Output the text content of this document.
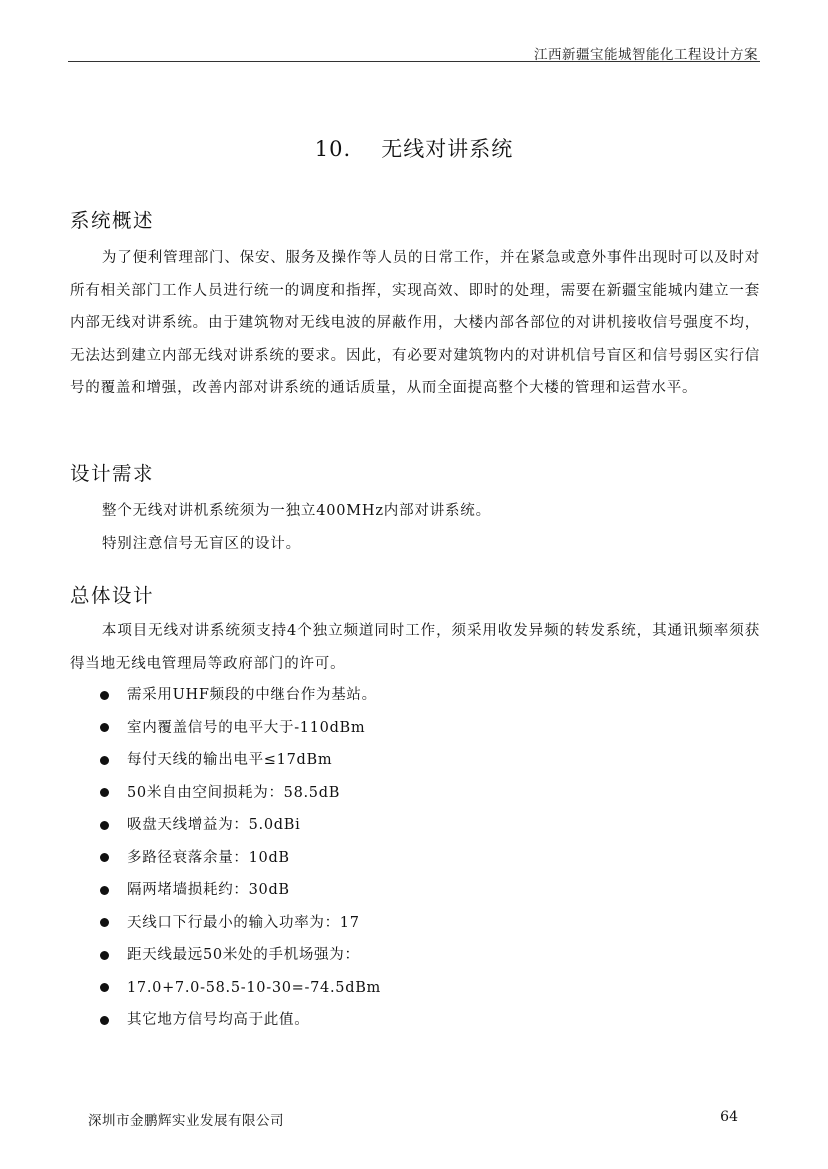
江西新疆宝能城智能化工程设计方案
10. 无线对讲系统
系统概述
为了便利管理部门、保安、服务及操作等人员的日常工作，并在紧急或意外事件出现时可以及时对所有相关部门工作人员进行统一的调度和指挥，实现高效、即时的处理，需要在新疆宝能城内建立一套内部无线对讲系统。由于建筑物对无线电波的屏蔽作用，大楼内部各部位的对讲机接收信号强度不均，无法达到建立内部无线对讲系统的要求。因此，有必要对建筑物内的对讲机信号盲区和信号弱区实行信号的覆盖和增强，改善内部对讲系统的通话质量，从而全面提高整个大楼的管理和运营水平。
设计需求
整个无线对讲机系统须为一独立400MHz内部对讲系统。
特别注意信号无盲区的设计。
总体设计
本项目无线对讲系统须支持4个独立频道同时工作，须采用收发异频的转发系统，其通讯频率须获得当地无线电管理局等政府部门的许可。
需采用UHF频段的中继台作为基站。
室内覆盖信号的电平大于-110dBm
每付天线的输出电平≤17dBm
50米自由空间损耗为：58.5dB
吸盘天线增益为：5.0dBi
多路径衰落余量：10dB
隔两堵墙损耗约：30dB
天线口下行最小的输入功率为：17
距天线最远50米处的手机场强为：
17.0+7.0-58.5-10-30=-74.5dBm
其它地方信号均高于此值。
深圳市金鹏辉实业发展有限公司	64
